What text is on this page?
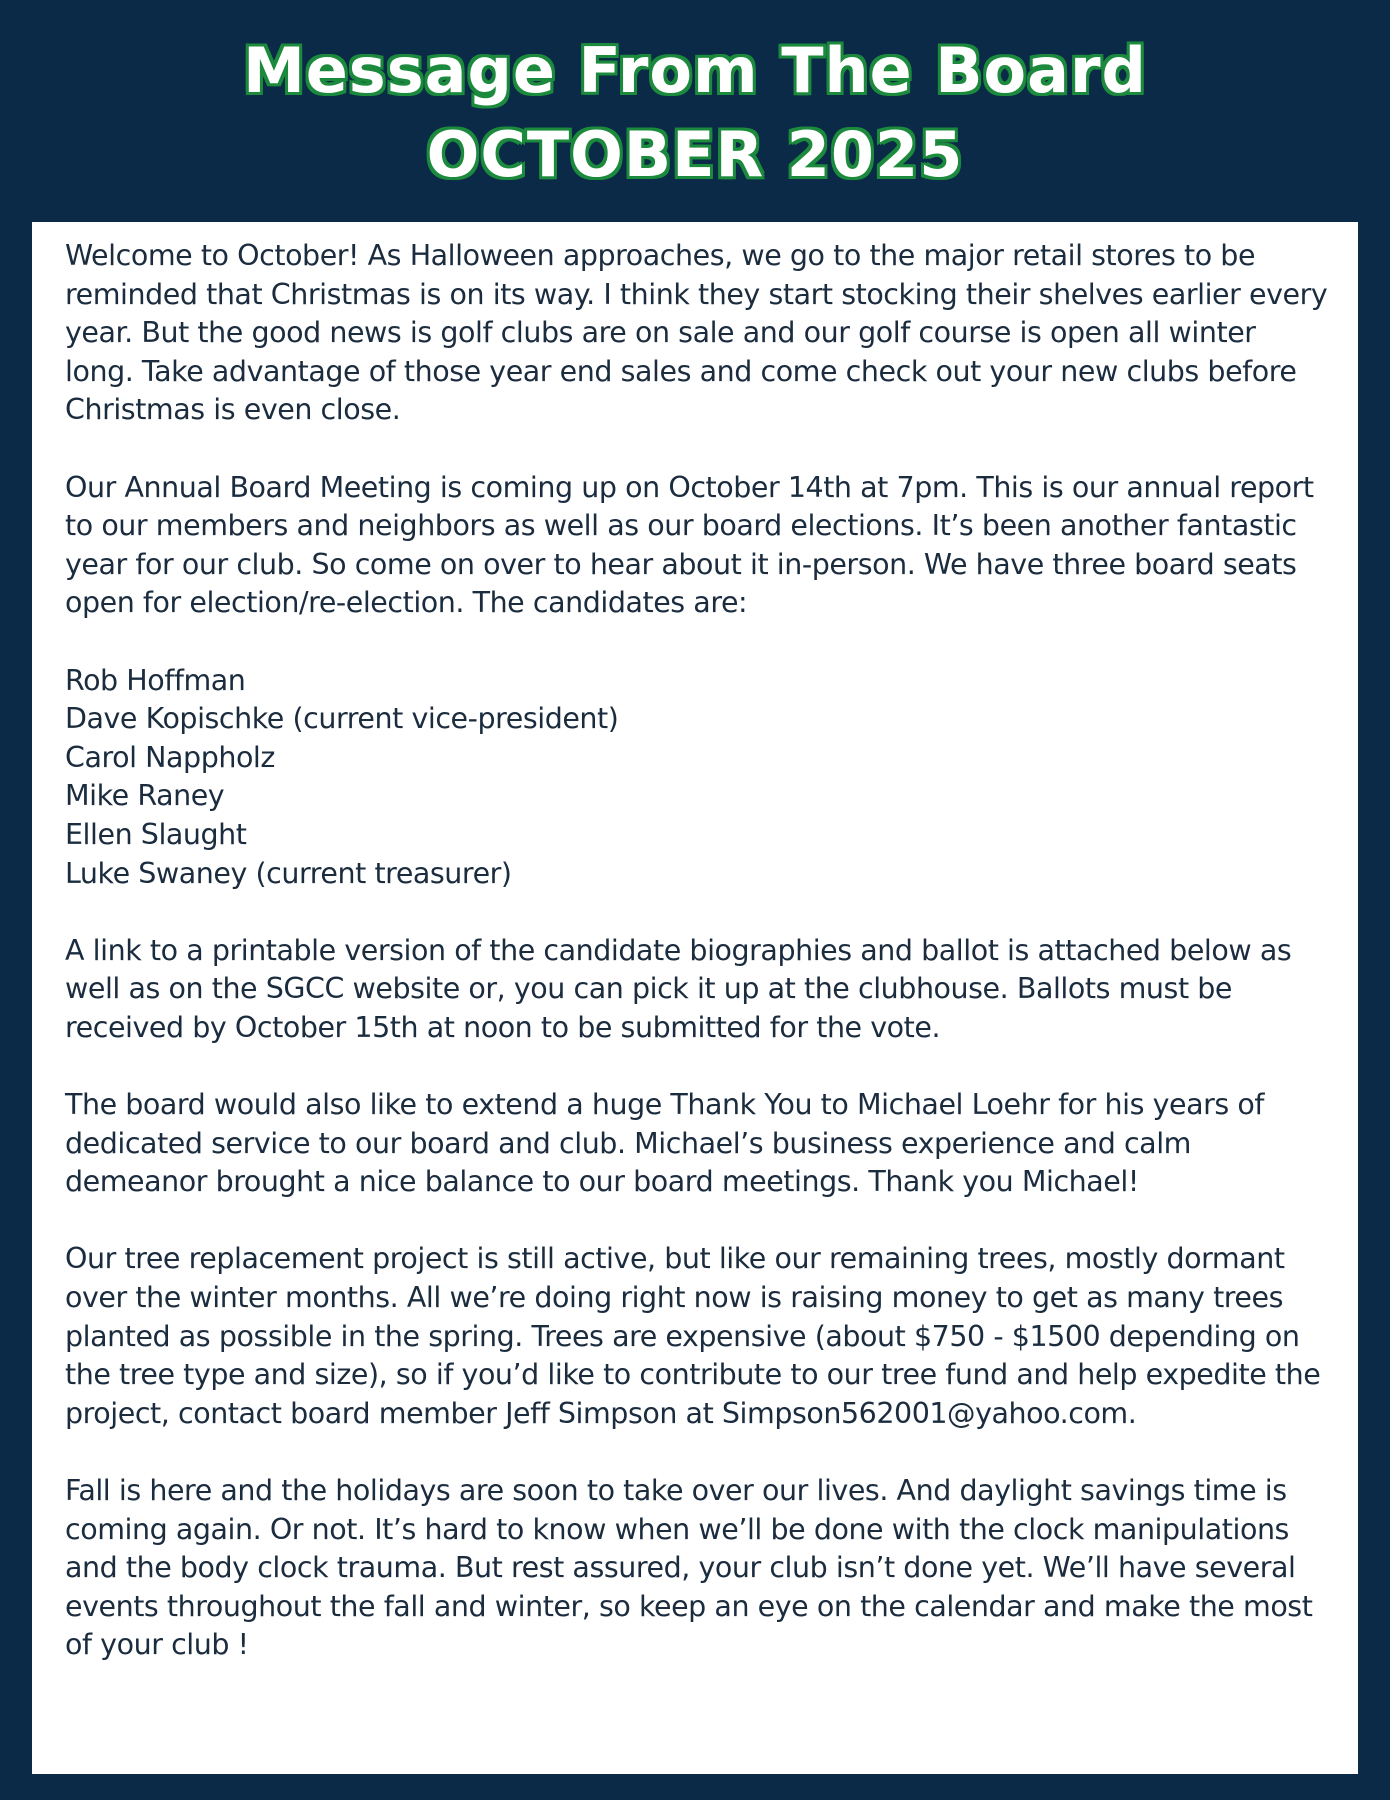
Message From The Board
OCTOBER 2025

Welcome to October! As Halloween approaches, we go to the major retail stores to be reminded that Christmas is on its way. I think they start stocking their shelves earlier every year. But the good news is golf clubs are on sale and our golf course is open all winter long. Take advantage of those year end sales and come check out your new clubs before Christmas is even close.

Our Annual Board Meeting is coming up on October 14th at 7pm. This is our annual report to our members and neighbors as well as our board elections. It’s been another fantastic year for our club. So come on over to hear about it in-person. We have three board seats open for election/re-election. The candidates are:

Rob Hoffman
Dave Kopischke (current vice-president)
Carol Nappholz
Mike Raney
Ellen Slaught
Luke Swaney (current treasurer)

A link to a printable version of the candidate biographies and ballot is attached below as well as on the SGCC website or, you can pick it up at the clubhouse. Ballots must be received by October 15th at noon to be submitted for the vote.

The board would also like to extend a huge Thank You to Michael Loehr for his years of dedicated service to our board and club. Michael’s business experience and calm demeanor brought a nice balance to our board meetings. Thank you Michael!

Our tree replacement project is still active, but like our remaining trees, mostly dormant over the winter months. All we’re doing right now is raising money to get as many trees planted as possible in the spring. Trees are expensive (about $750 - $1500 depending on the tree type and size), so if you’d like to contribute to our tree fund and help expedite the project, contact board member Jeff Simpson at Simpson562001@yahoo.com.

Fall is here and the holidays are soon to take over our lives. And daylight savings time is coming again. Or not. It’s hard to know when we’ll be done with the clock manipulations and the body clock trauma. But rest assured, your club isn’t done yet. We’ll have several events throughout the fall and winter, so keep an eye on the calendar and make the most of your club !
